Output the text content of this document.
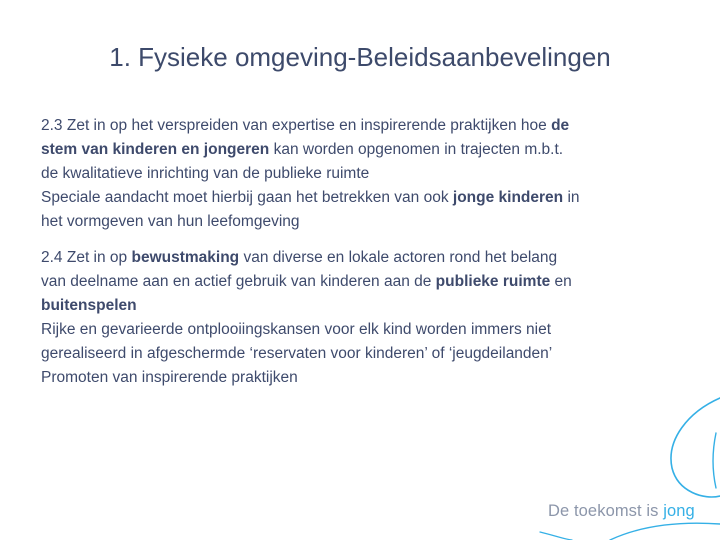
1. Fysieke omgeving-Beleidsaanbevelingen

2.3 Zet in op het verspreiden van expertise en inspirerende praktijken hoe de
stem van kinderen en jongeren kan worden opgenomen in trajecten m.b.t.
de kwalitatieve inrichting van de publieke ruimte
Speciale aandacht moet hierbij gaan het betrekken van ook jonge kinderen in
het vormgeven van hun leefomgeving

2.4 Zet in op bewustmaking van diverse en lokale actoren rond het belang
van deelname aan en actief gebruik van kinderen aan de publieke ruimte en
buitenspelen
Rijke en gevarieerde ontplooiingskansen voor elk kind worden immers niet
gerealiseerd in afgeschermde ‘reservaten voor kinderen’ of ‘jeugdeilanden’
Promoten van inspirerende praktijken

De toekomst is jong
